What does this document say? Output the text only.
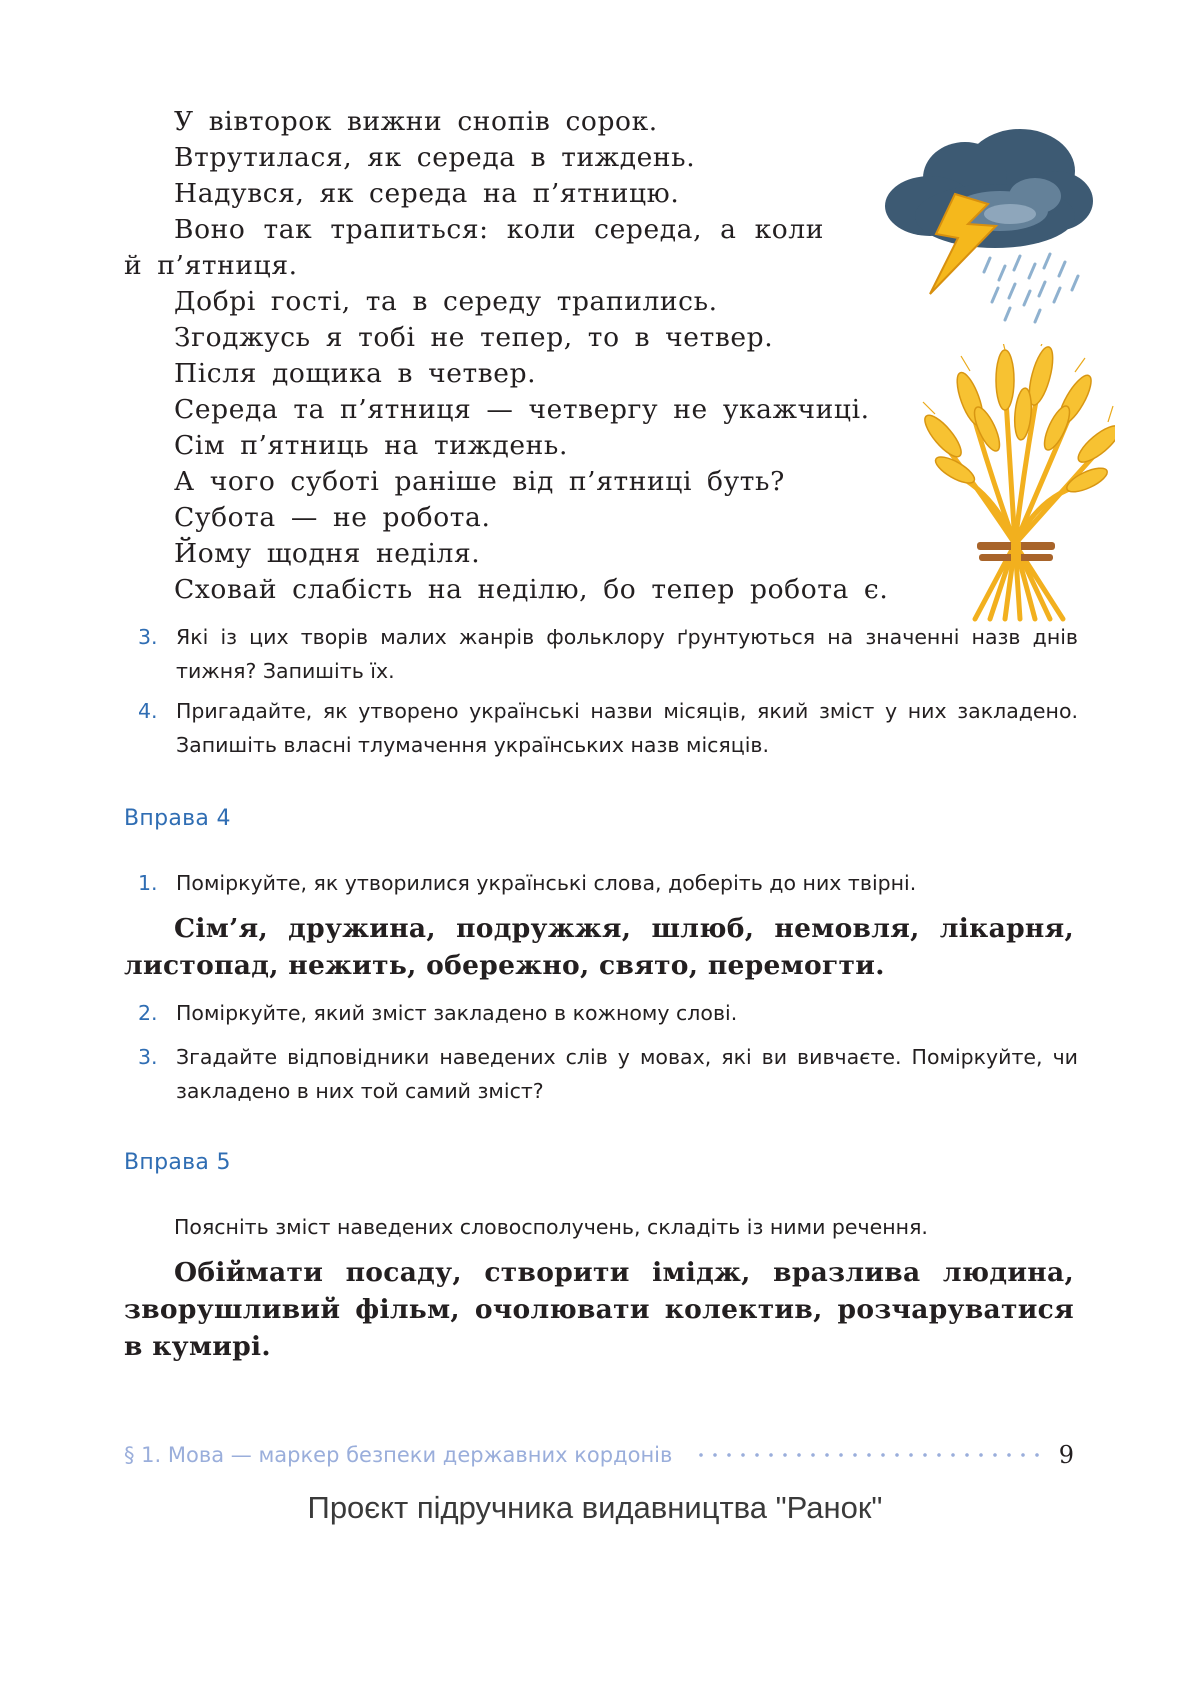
У вівторок вижни снопів сорок.
Втрутилася, як середа в тиждень.
Надувся, як середа на п’ятницю.
Воно так трапиться: коли середа, а коли й п’ятниця.
Добрі гості, та в середу трапились.
Згоджусь я тобі не тепер, то в четвер.
Після дощика в четвер.
Середа та п’ятниця — четвергу не укажчиці.
Сім п’ятниць на тиждень.
А чого суботі раніше від п’ятниці буть?
Субота — не робота.
Йому щодня неділя.
Сховай слабість на неділю, бо тепер робота є.
3. Які із цих творів малих жанрів фольклору ґрунтуються на значенні назв днів тижня? Запишіть їх.
4. Пригадайте, як утворено українські назви місяців, який зміст у них закладено. Запишіть власні тлумачення українських назв місяців.
Вправа 4
1. Поміркуйте, як утворилися українські слова, доберіть до них твірні.
Сім’я, дружина, подружжя, шлюб, немовля, лікарня, листопад, нежить, обережно, свято, перемогти.
2. Поміркуйте, який зміст закладено в кожному слові.
3. Згадайте відповідники наведених слів у мовах, які ви вивчаєте. Поміркуйте, чи закладено в них той самий зміст?
Вправа 5
Поясніть зміст наведених словосполучень, складіть із ними речення.
Обіймати посаду, створити імідж, вразлива людина, зворушливий фільм, очолювати колектив, розчаруватися в кумирі.
§ 1. Мова — маркер безпеки державних кордонів	9
Проєкт підручника видавництва "Ранок"
